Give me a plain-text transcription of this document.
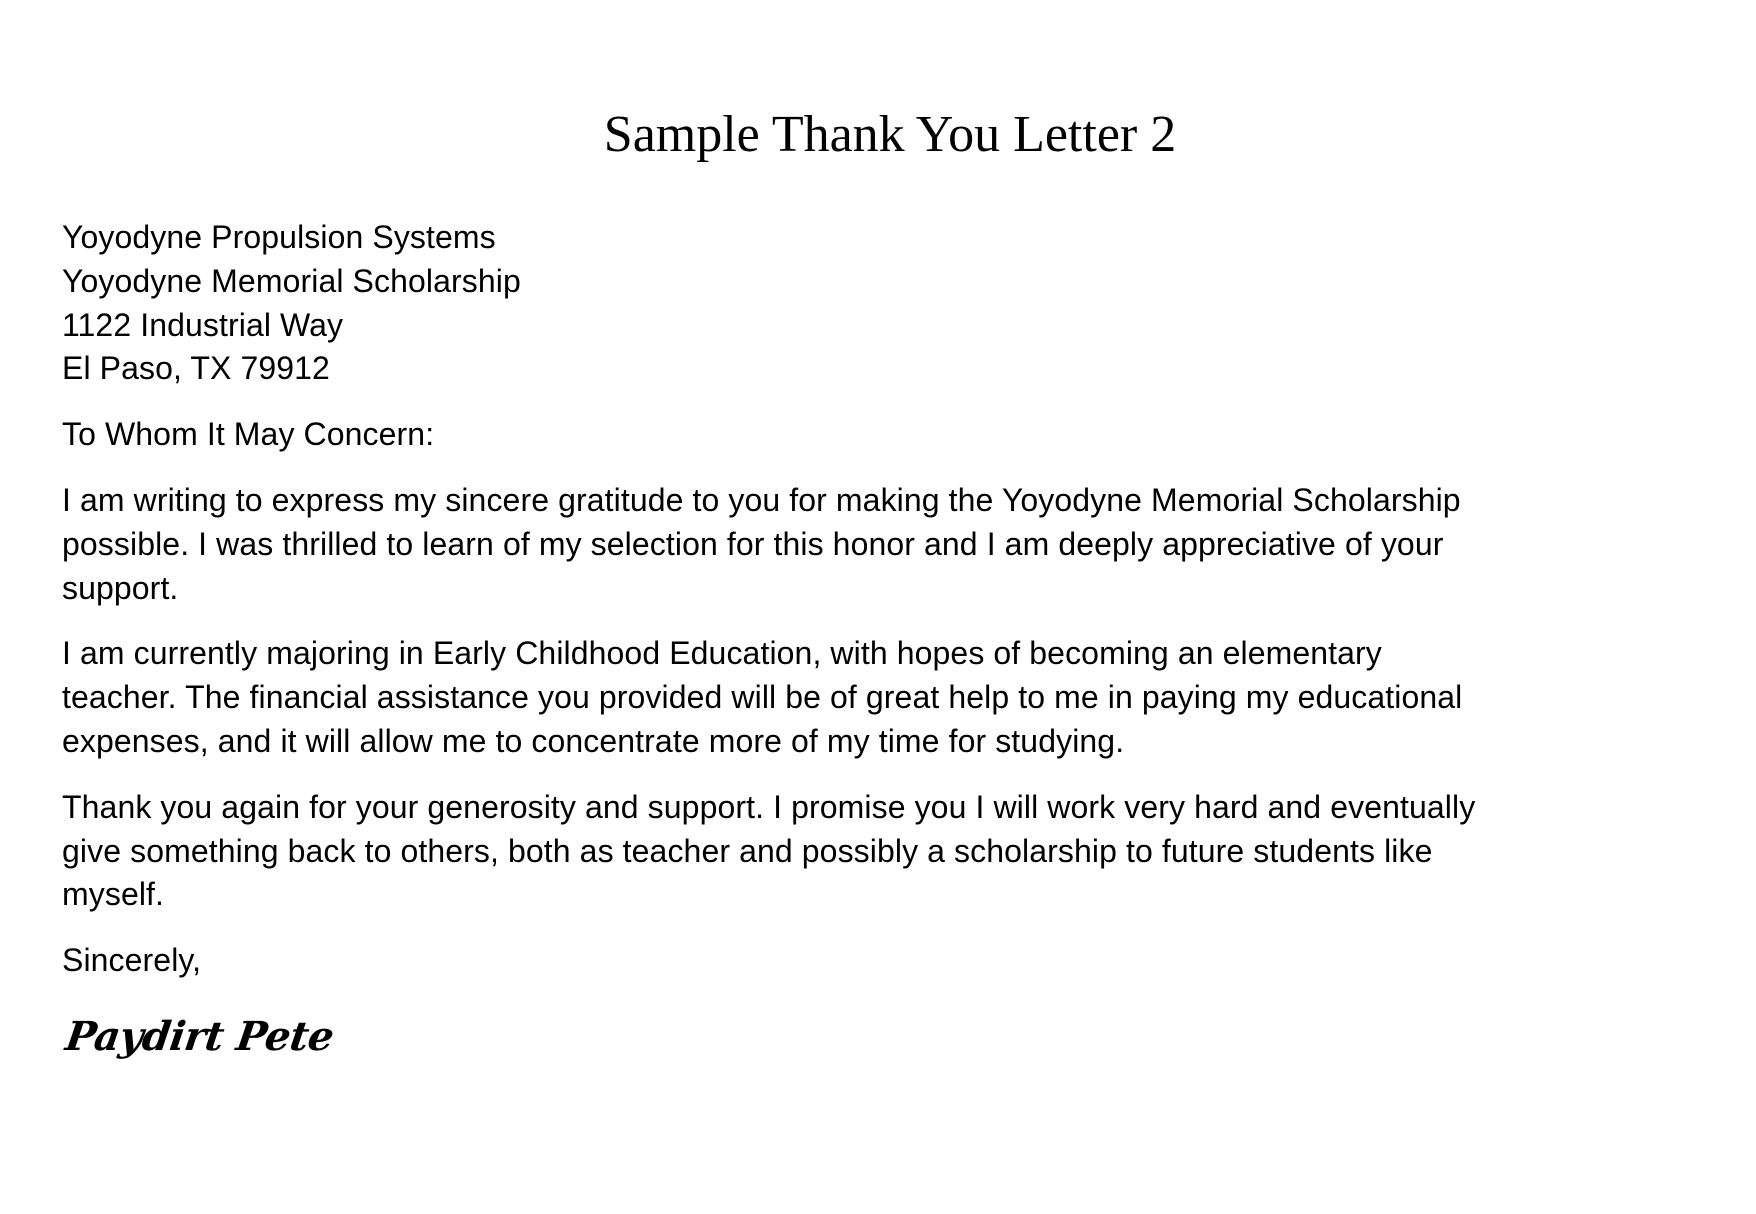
Sample Thank You Letter 2
Yoyodyne Propulsion Systems
Yoyodyne Memorial Scholarship
1122 Industrial Way
El Paso, TX 79912
To Whom It May Concern:
I am writing to express my sincere gratitude to you for making the Yoyodyne Memorial Scholarship
possible. I was thrilled to learn of my selection for this honor and I am deeply appreciative of your
support.
I am currently majoring in Early Childhood Education, with hopes of becoming an elementary
teacher. The financial assistance you provided will be of great help to me in paying my educational
expenses, and it will allow me to concentrate more of my time for studying.
Thank you again for your generosity and support. I promise you I will work very hard and eventually
give something back to others, both as teacher and possibly a scholarship to future students like
myself.
Sincerely,
Paydirt Pete
